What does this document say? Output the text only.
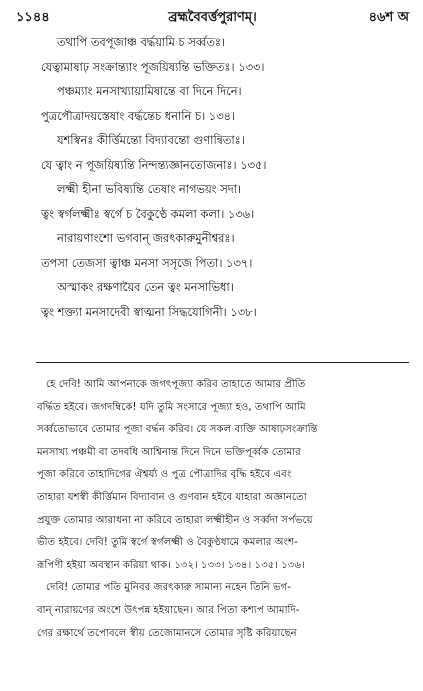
১১৪৪	ব্রহ্মবৈবর্ত্তপুরাণম্।	৪৬শ অ
তথাপি তবপূজাঞ্চ বৰ্দ্ধয়ামি চ সৰ্ব্বতঃ।
যেত্বামাষাঢ় সংক্রান্ত্যাং পূজয়িষ্যন্তি ভক্তিতঃ। ১৩৩।
পঞ্চম্যাং মনসাখ্যায়ামিষান্তে বা দিনে দিনে।
পুত্রপৌত্রাদয়স্তেষাং বৰ্দ্ধন্তেচ ধনানি চ। ১৩৪।
যশস্বিনঃ কীৰ্ত্তিমন্তো বিদ্যাবন্তো গুণান্বিতাঃ।
যে ত্বাং ন পূজয়িষ্যন্তি নিন্দন্ত্যজ্ঞানতোজনাঃ। ১৩৫।
লক্ষ্মী হীনা ভবিষ্যন্তি তেষাং নাগভয়ং সদা।
ত্বং স্বর্গলক্ষ্মীঃ স্বর্গে চ বৈকুণ্ঠে কমলা কলা। ১৩৬।
নারায়ণাংশো ভগবান্ জরৎকারুমুনীশ্বরঃ।
তপসা তেজসা ত্বাঞ্চ মনসা সসৃজে পিতা। ১৩৭।
অস্মাকং রক্ষণায়ৈব তেন ত্বং মনসাভিধা।
ত্বং শক্ত্যা মনসাদেবী স্বাত্মনা সিদ্ধযোগিনী। ১৩৮।
হে দেবি! আমি আপনাকে জগৎপূজ্যা করিব তাহাতে আমার প্রীতি
বৰ্দ্ধিত হইবে। জগদম্বিকে! যদি তুমি সংসারে পূজ্যা হও, তথাপি আমি
সৰ্ব্বতোভাবে তোমার পূজা বৰ্দ্ধন করিব। যে সকল ব্যক্তি আষাঢ়সংক্রান্তি
মনসাখ্য পঞ্চমী বা তদবধি আশ্বিনান্ত দিনে দিনে ভক্তিপূৰ্ব্বক তোমার
পূজা করিবে তাহাদিগের ঐশ্বৰ্য্য ও পুত্র পৌত্রাদির বৃদ্ধি হইবে এবং
তাহারা যশস্বী কীৰ্ত্তিমান বিদ্যাবান ও গুণবান হইবে যাহারা অজ্ঞানতো
প্রযুক্ত তোমার আরাধনা না করিবে তাহারা লক্ষ্মীহীন ও সৰ্ব্বদা সর্পভয়ে
ভীত হইবে। দেবি! তুমি স্বর্গে স্বর্গলক্ষ্মী ও বৈকুণ্ঠধামে কমলার অংশ-
রূপিণী হইয়া অবস্থান করিয়া থাক। ১৩২। ১৩৩। ১৩৪। ১৩৫। ১৩৬।
দেবি! তোমার পতি মুনিবর জরৎকারু সামান্য নহেন তিনি ভগ-
বান্ নারায়ণের অংশে উৎপন্ন হইয়াছেন। আর পিতা কশ্যপ আমাদি-
গের রক্ষার্থে তপোবলে স্বীয় তেজোমানসে তোমার সৃষ্টি করিয়াছেন
